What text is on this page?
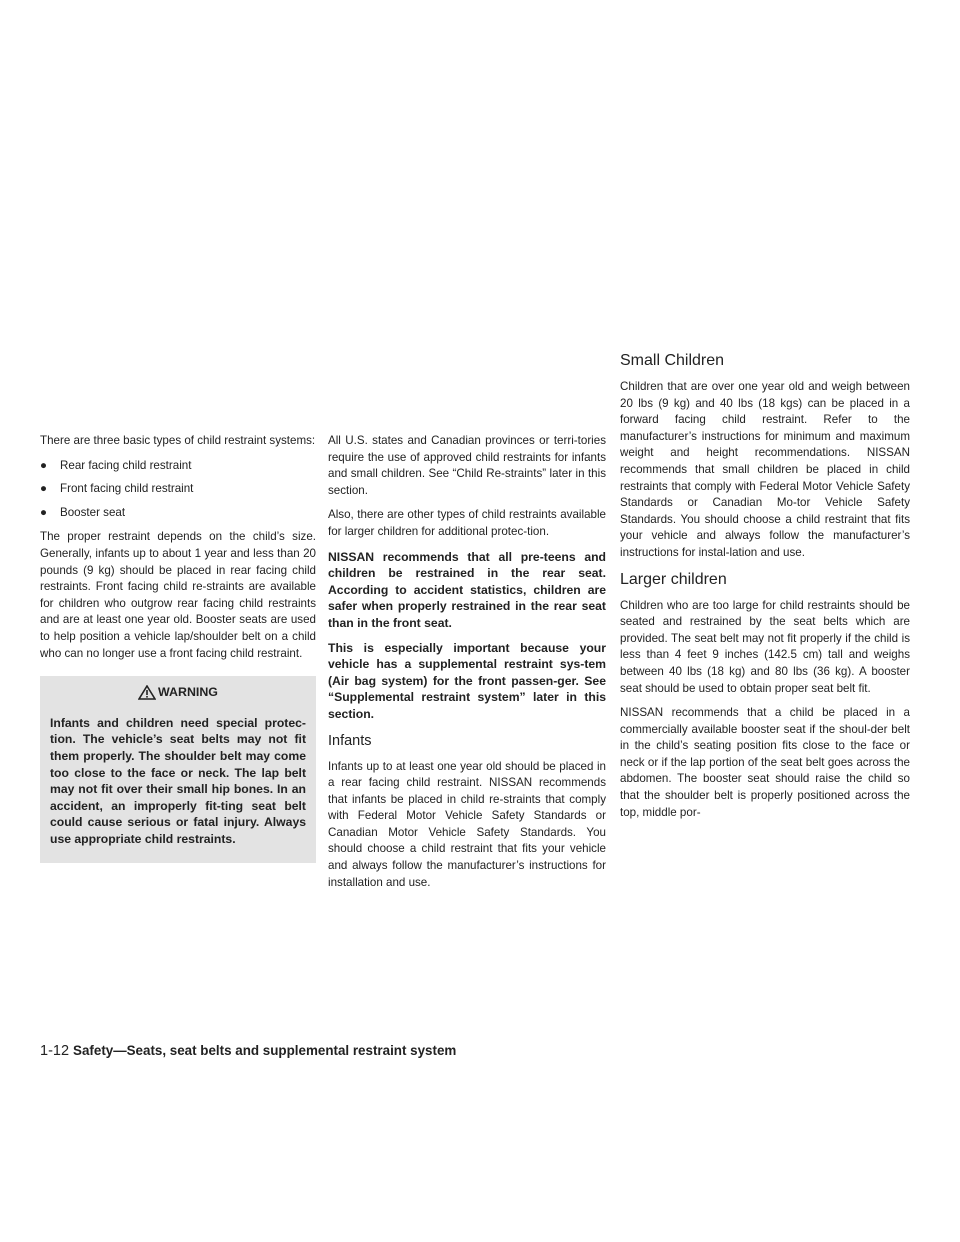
There are three basic types of child restraint systems:

● Rear facing child restraint
● Front facing child restraint
● Booster seat

The proper restraint depends on the child’s size. Generally, infants up to about 1 year and less than 20 pounds (9 kg) should be placed in rear facing child restraints. Front facing child re-straints are available for children who outgrow rear facing child restraints and are at least one year old. Booster seats are used to help position a vehicle lap/shoulder belt on a child who can no longer use a front facing child restraint.

WARNING

Infants and children need special protec-tion. The vehicle’s seat belts may not fit them properly. The shoulder belt may come too close to the face or neck. The lap belt may not fit over their small hip bones. In an accident, an improperly fit-ting seat belt could cause serious or fatal injury. Always use appropriate child restraints.

All U.S. states and Canadian provinces or terri-tories require the use of approved child restraints for infants and small children. See “Child Re-straints” later in this section.

Also, there are other types of child restraints available for larger children for additional protec-tion.

NISSAN recommends that all pre-teens and children be restrained in the rear seat. According to accident statistics, children are safer when properly restrained in the rear seat than in the front seat.

This is especially important because your vehicle has a supplemental restraint sys-tem (Air bag system) for the front passen-ger. See “Supplemental restraint system” later in this section.

Infants

Infants up to at least one year old should be placed in a rear facing child restraint. NISSAN recommends that infants be placed in child re-straints that comply with Federal Motor Vehicle Safety Standards or Canadian Motor Vehicle Safety Standards. You should choose a child restraint that fits your vehicle and always follow the manufacturer’s instructions for installation and use.

Small Children

Children that are over one year old and weigh between 20 lbs (9 kg) and 40 lbs (18 kgs) can be placed in a forward facing child restraint. Refer to the manufacturer’s instructions for minimum and maximum weight and height recommendations. NISSAN recommends that small children be placed in child restraints that comply with Federal Motor Vehicle Safety Standards or Canadian Mo-tor Vehicle Safety Standards. You should choose a child restraint that fits your vehicle and always follow the manufacturer’s instructions for instal-lation and use.

Larger children

Children who are too large for child restraints should be seated and restrained by the seat belts which are provided. The seat belt may not fit properly if the child is less than 4 feet 9 inches (142.5 cm) tall and weighs between 40 lbs (18 kg) and 80 lbs (36 kg). A booster seat should be used to obtain proper seat belt fit.

NISSAN recommends that a child be placed in a commercially available booster seat if the shoul-der belt in the child’s seating position fits close to the face or neck or if the lap portion of the seat belt goes across the abdomen. The booster seat should raise the child so that the shoulder belt is properly positioned across the top, middle por-

1-12 Safety—Seats, seat belts and supplemental restraint system
